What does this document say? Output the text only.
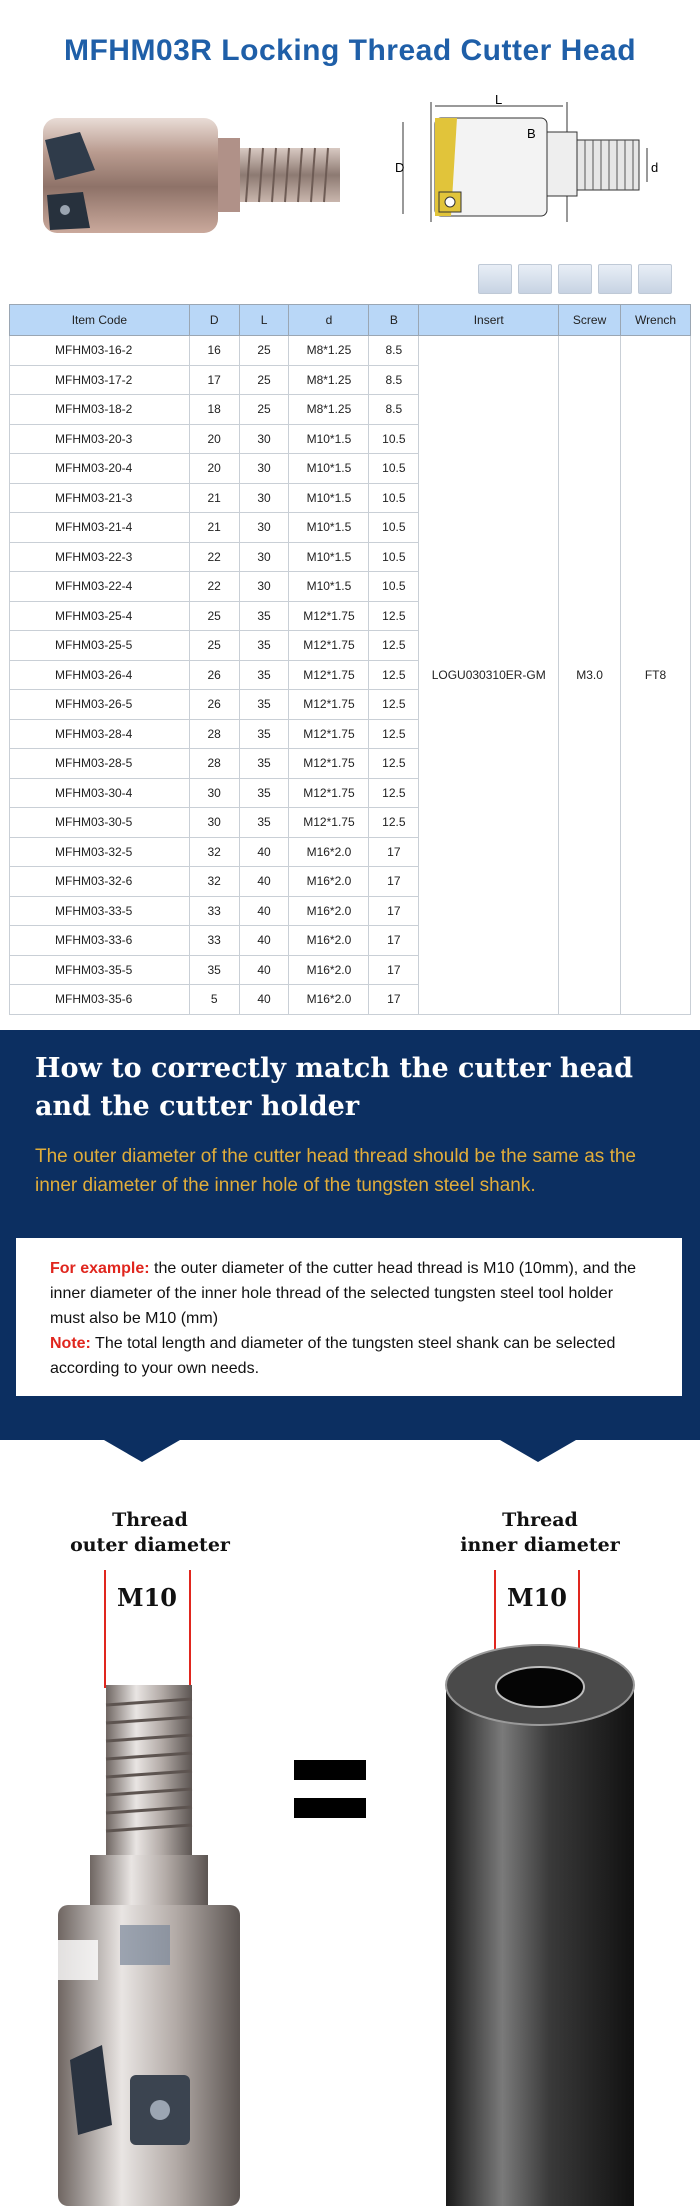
MFHM03R Locking Thread Cutter Head
L
D
B
d
Item Code	D	L	d	B	Insert	Screw	Wrench
MFHM03-16-2	16	25	M8*1.25	8.5	LOGU030310ER-GM	M3.0	FT8
MFHM03-17-2	17	25	M8*1.25	8.5			
MFHM03-18-2	18	25	M8*1.25	8.5			
MFHM03-20-3	20	30	M10*1.5	10.5			
MFHM03-20-4	20	30	M10*1.5	10.5			
MFHM03-21-3	21	30	M10*1.5	10.5			
MFHM03-21-4	21	30	M10*1.5	10.5			
MFHM03-22-3	22	30	M10*1.5	10.5			
MFHM03-22-4	22	30	M10*1.5	10.5			
MFHM03-25-4	25	35	M12*1.75	12.5			
MFHM03-25-5	25	35	M12*1.75	12.5			
MFHM03-26-4	26	35	M12*1.75	12.5			
MFHM03-26-5	26	35	M12*1.75	12.5			
MFHM03-28-4	28	35	M12*1.75	12.5			
MFHM03-28-5	28	35	M12*1.75	12.5			
MFHM03-30-4	30	35	M12*1.75	12.5			
MFHM03-30-5	30	35	M12*1.75	12.5			
MFHM03-32-5	32	40	M16*2.0	17			
MFHM03-32-6	32	40	M16*2.0	17			
MFHM03-33-5	33	40	M16*2.0	17			
MFHM03-33-6	33	40	M16*2.0	17			
MFHM03-35-5	35	40	M16*2.0	17			
MFHM03-35-6	5	40	M16*2.0	17			
How to correctly match the cutter head and the cutter holder
The outer diameter of the cutter head thread should be the same as the inner diameter of the inner hole of the tungsten steel shank.
For example: the outer diameter of the cutter head thread is M10 (10mm), and the inner diameter of the inner hole thread of the selected tungsten steel tool holder must also be M10 (mm)
Note: The total length and diameter of the tungsten steel shank can be selected according to your own needs.
Thread
outer diameter
M10
Thread
inner diameter
M10
